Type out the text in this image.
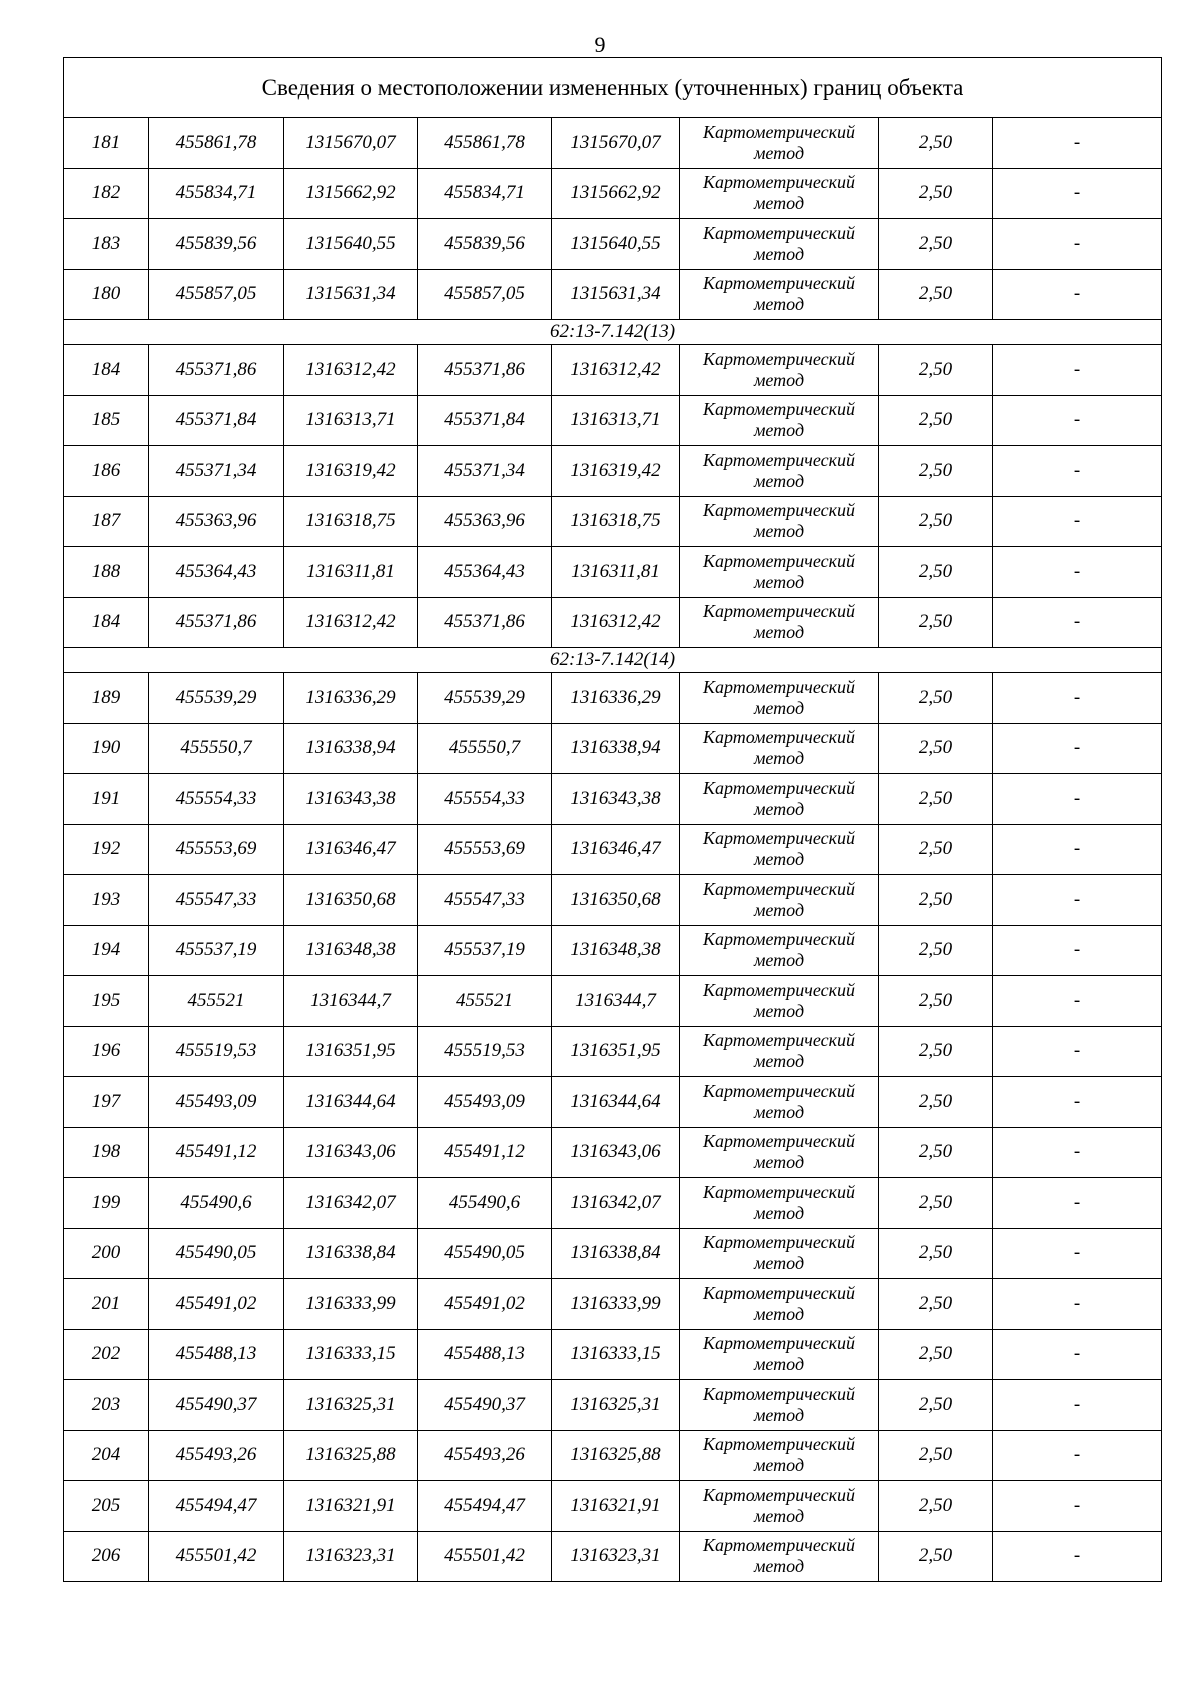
9
Сведения о местоположении измененных (уточненных) границ объекта							
181	455861,78	1315670,07	455861,78	1315670,07	Картометрический метод	2,50	-
182	455834,71	1315662,92	455834,71	1315662,92	Картометрический метод	2,50	-
183	455839,56	1315640,55	455839,56	1315640,55	Картометрический метод	2,50	-
180	455857,05	1315631,34	455857,05	1315631,34	Картометрический метод	2,50	-
62:13-7.142(13)							
184	455371,86	1316312,42	455371,86	1316312,42	Картометрический метод	2,50	-
185	455371,84	1316313,71	455371,84	1316313,71	Картометрический метод	2,50	-
186	455371,34	1316319,42	455371,34	1316319,42	Картометрический метод	2,50	-
187	455363,96	1316318,75	455363,96	1316318,75	Картометрический метод	2,50	-
188	455364,43	1316311,81	455364,43	1316311,81	Картометрический метод	2,50	-
184	455371,86	1316312,42	455371,86	1316312,42	Картометрический метод	2,50	-
62:13-7.142(14)							
189	455539,29	1316336,29	455539,29	1316336,29	Картометрический метод	2,50	-
190	455550,7	1316338,94	455550,7	1316338,94	Картометрический метод	2,50	-
191	455554,33	1316343,38	455554,33	1316343,38	Картометрический метод	2,50	-
192	455553,69	1316346,47	455553,69	1316346,47	Картометрический метод	2,50	-
193	455547,33	1316350,68	455547,33	1316350,68	Картометрический метод	2,50	-
194	455537,19	1316348,38	455537,19	1316348,38	Картометрический метод	2,50	-
195	455521	1316344,7	455521	1316344,7	Картометрический метод	2,50	-
196	455519,53	1316351,95	455519,53	1316351,95	Картометрический метод	2,50	-
197	455493,09	1316344,64	455493,09	1316344,64	Картометрический метод	2,50	-
198	455491,12	1316343,06	455491,12	1316343,06	Картометрический метод	2,50	-
199	455490,6	1316342,07	455490,6	1316342,07	Картометрический метод	2,50	-
200	455490,05	1316338,84	455490,05	1316338,84	Картометрический метод	2,50	-
201	455491,02	1316333,99	455491,02	1316333,99	Картометрический метод	2,50	-
202	455488,13	1316333,15	455488,13	1316333,15	Картометрический метод	2,50	-
203	455490,37	1316325,31	455490,37	1316325,31	Картометрический метод	2,50	-
204	455493,26	1316325,88	455493,26	1316325,88	Картометрический метод	2,50	-
205	455494,47	1316321,91	455494,47	1316321,91	Картометрический метод	2,50	-
206	455501,42	1316323,31	455501,42	1316323,31	Картометрический метод	2,50	-
